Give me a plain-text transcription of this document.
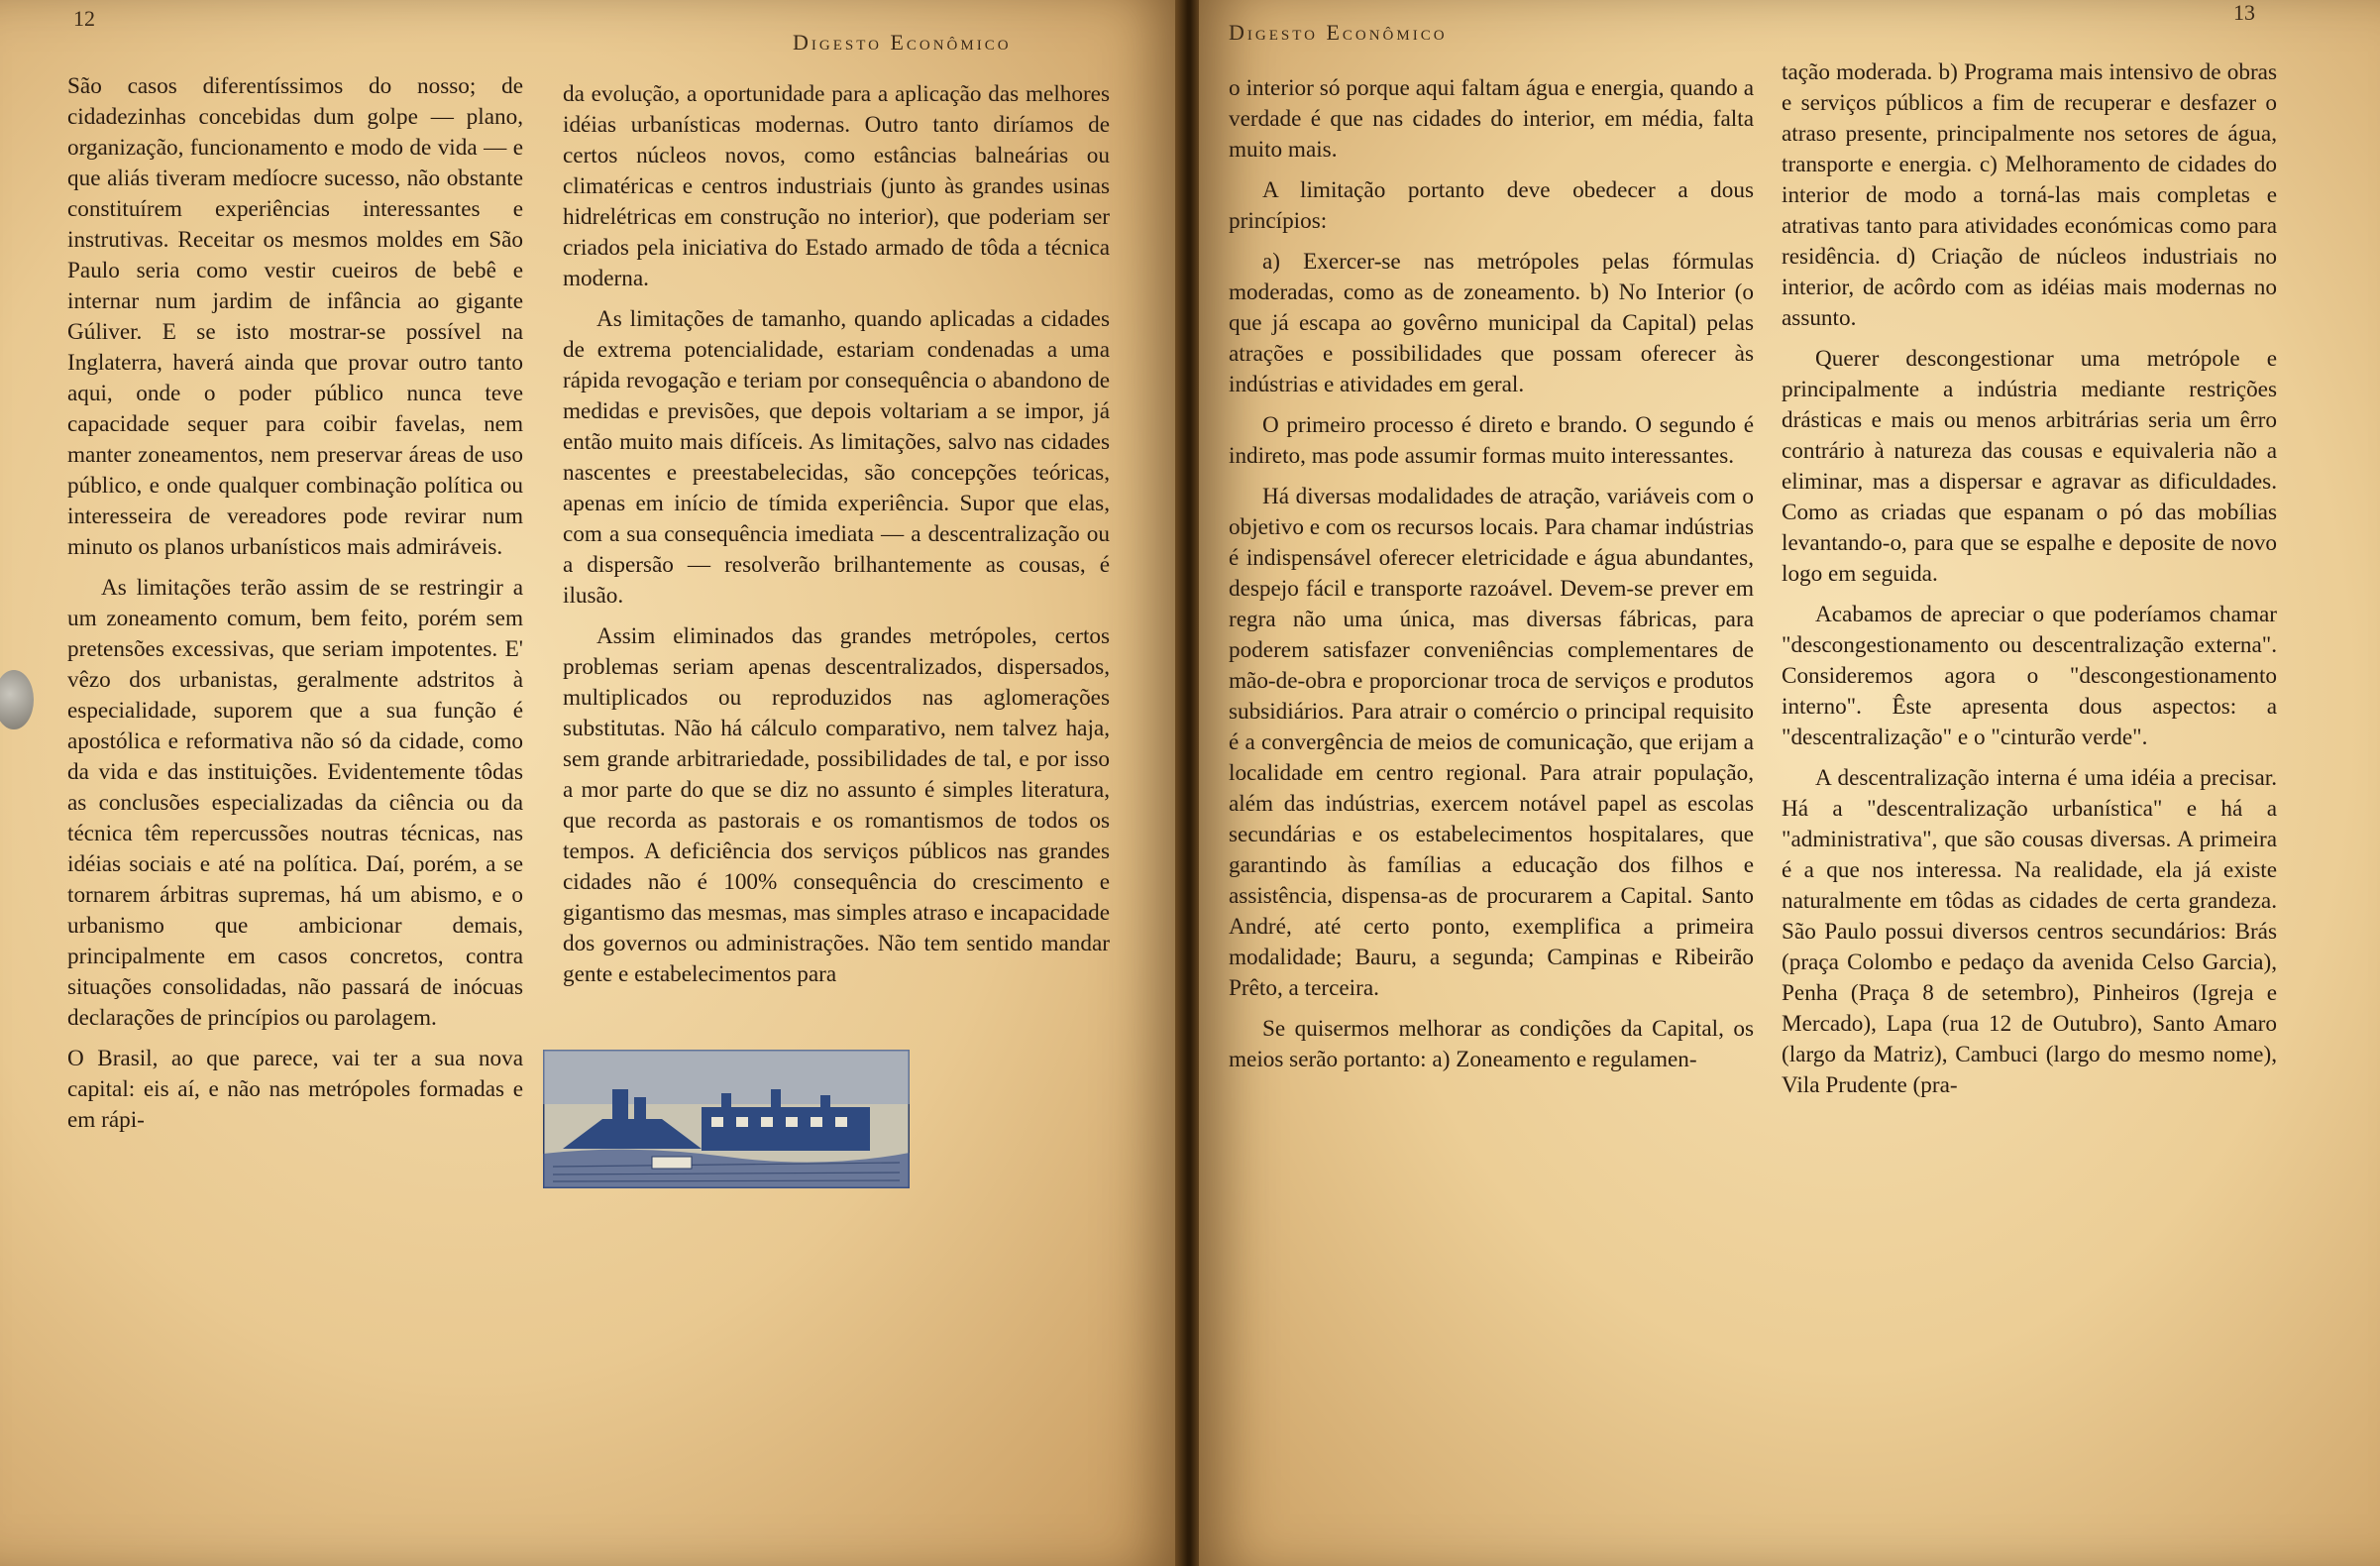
12
Digesto Econômico

São casos diferentíssimos do nosso; de cidadezinhas concebidas dum golpe — plano, organização, funcionamento e modo de vida — e que aliás tiveram medíocre sucesso, não obstante constituírem experiências interessantes e instrutivas. Receitar os mesmos moldes em São Paulo seria como vestir cueiros de bebê e internar num jardim de infância ao gigante Gúliver. E se isto mostrar-se possível na Inglaterra, haverá ainda que provar outro tanto aqui, onde o poder público nunca teve capacidade sequer para coibir favelas, nem manter zoneamentos, nem preservar áreas de uso público, e onde qualquer combinação política ou interesseira de vereadores pode revirar num minuto os planos urbanísticos mais admiráveis.

As limitações terão assim de se restringir a um zoneamento comum, bem feito, porém sem pretensões excessivas, que seriam impotentes. E' vêzo dos urbanistas, geralmente adstritos à especialidade, suporem que a sua função é apostólica e reformativa não só da cidade, como da vida e das instituições. Evidentemente tôdas as conclusões especializadas da ciência ou da técnica têm repercussões noutras técnicas, nas idéias sociais e até na política. Daí, porém, a se tornarem árbitras supremas, há um abismo, e o urbanismo que ambicionar demais, principalmente em casos concretos, contra situações consolidadas, não passará de inócuas declarações de princípios ou parolagem.

O Brasil, ao que parece, vai ter a sua nova capital: eis aí, e não nas metrópoles formadas e em rápi-

da evolução, a oportunidade para a aplicação das melhores idéias urbanísticas modernas. Outro tanto diríamos de certos núcleos novos, como estâncias balneárias ou climatéricas e centros industriais (junto às grandes usinas hidrelétricas em construção no interior), que poderiam ser criados pela iniciativa do Estado armado de tôda a técnica moderna.

As limitações de tamanho, quando aplicadas a cidades de extrema potencialidade, estariam condenadas a uma rápida revogação e teriam por consequência o abandono de medidas e previsões, que depois voltariam a se impor, já então muito mais difíceis. As limitações, salvo nas cidades nascentes e preestabelecidas, são concepções teóricas, apenas em início de tímida experiência. Supor que elas, com a sua consequência imediata — a descentralização ou a dispersão — resolverão brilhantemente as cousas, é ilusão.

Assim eliminados das grandes metrópoles, certos problemas seriam apenas descentralizados, dispersados, multiplicados ou reproduzidos nas aglomerações substitutas. Não há cálculo comparativo, nem talvez haja, sem grande arbitrariedade, possibilidades de tal, e por isso a mor parte do que se diz no assunto é simples literatura, que recorda as pastorais e os romantismos de todos os tempos. A deficiência dos serviços públicos nas grandes cidades não é 100% consequência do crescimento e gigantismo das mesmas, mas simples atraso e incapacidade dos governos ou administrações. Não tem sentido mandar gente e estabelecimentos para

Digesto Econômico
13

o interior só porque aqui faltam água e energia, quando a verdade é que nas cidades do interior, em média, falta muito mais.

A limitação portanto deve obedecer a dous princípios:

a) Exercer-se nas metrópoles pelas fórmulas moderadas, como as de zoneamento. b) No Interior (o que já escapa ao govêrno municipal da Capital) pelas atrações e possibilidades que possam oferecer às indústrias e atividades em geral.

O primeiro processo é direto e brando. O segundo é indireto, mas pode assumir formas muito interessantes.

Há diversas modalidades de atração, variáveis com o objetivo e com os recursos locais. Para chamar indústrias é indispensável oferecer eletricidade e água abundantes, despejo fácil e transporte razoável. Devem-se prever em regra não uma única, mas diversas fábricas, para poderem satisfazer conveniências complementares de mão-de-obra e proporcionar troca de serviços e produtos subsidiários. Para atrair o comércio o principal requisito é a convergência de meios de comunicação, que erijam a localidade em centro regional. Para atrair população, além das indústrias, exercem notável papel as escolas secundárias e os estabelecimentos hospitalares, que garantindo às famílias a educação dos filhos e assistência, dispensa-as de procurarem a Capital. Santo André, até certo ponto, exemplifica a primeira modalidade; Bauru, a segunda; Campinas e Ribeirão Prêto, a terceira.

Se quisermos melhorar as condições da Capital, os meios serão portanto: a) Zoneamento e regulamen-

tação moderada. b) Programa mais intensivo de obras e serviços públicos a fim de recuperar e desfazer o atraso presente, principalmente nos setores de água, transporte e energia. c) Melhoramento de cidades do interior de modo a torná-las mais completas e atrativas tanto para atividades económicas como para residência. d) Criação de núcleos industriais no interior, de acôrdo com as idéias mais modernas no assunto.

Querer descongestionar uma metrópole e principalmente a indústria mediante restrições drásticas e mais ou menos arbitrárias seria um êrro contrário à natureza das cousas e equivaleria não a eliminar, mas a dispersar e agravar as dificuldades. Como as criadas que espanam o pó das mobílias levantando-o, para que se espalhe e deposite de novo logo em seguida.

Acabamos de apreciar o que poderíamos chamar "descongestionamento ou descentralização externa". Consideremos agora o "descongestionamento interno". Êste apresenta dous aspectos: a "descentralização" e o "cinturão verde".

A descentralização interna é uma idéia a precisar. Há a "descentralização urbanística" e há a "administrativa", que são cousas diversas. A primeira é a que nos interessa. Na realidade, ela já existe naturalmente em tôdas as cidades de certa grandeza. São Paulo possui diversos centros secundários: Brás (praça Colombo e pedaço da avenida Celso Garcia), Penha (Praça 8 de setembro), Pinheiros (Igreja e Mercado), Lapa (rua 12 de Outubro), Santo Amaro (largo da Matriz), Cambuci (largo do mesmo nome), Vila Prudente (pra-
